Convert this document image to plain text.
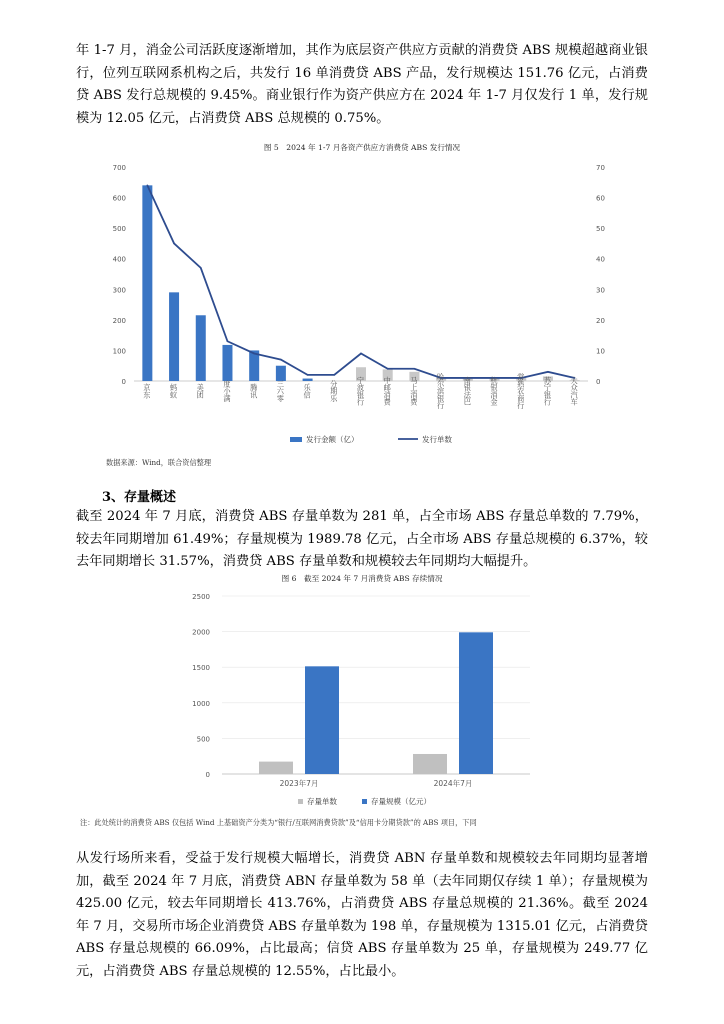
年 1-7 月，消金公司活跃度逐渐增加，其作为底层资产供应方贡献的消费贷 ABS 规模超越商业银行，位列互联网系机构之后，共发行 16 单消费贷 ABS 产品，发行规模达 151.76 亿元，占消费贷 ABS 发行总规模的 9.45%。商业银行作为资产供应方在 2024 年 1-7 月仅发行 1 单，发行规模为 12.05 亿元，占消费贷 ABS 总规模的 0.75%。

图 5　2024 年 1-7 月各资产供应方消费贷 ABS 发行情况
0
100
200
300
400
500
600
700
0
10
20
30
40
50
60
70
京东 蚂蚁 美团 度小满 腾讯 三六零 乐信 分期乐 宁波银行 中邮消费 马上消费 哈尔滨银行 南银法巴 杭银消金 常熟农商行 苏宁银行 大众汽车
发行金额（亿）	发行单数
数据来源：Wind，联合资信整理
3、存量概述

截至 2024 年 7 月底，消费贷 ABS 存量单数为 281 单，占全市场 ABS 存量总单数的 7.79%，较去年同期增加 61.49%；存量规模为 1989.78 亿元，占全市场 ABS 存量总规模的 6.37%，较去年同期增长 31.57%，消费贷 ABS 存量单数和规模较去年同期均大幅提升。

图 6　截至 2024 年 7 月消费贷 ABS 存续情况
0
500
1000
1500
2000
2500
2023年7月	2024年7月
存量单数	存量规模（亿元）
注：此处统计的消费贷 ABS 仅包括 Wind 上基础资产分类为“银行/互联网消费贷款”及“信用卡分期贷款”的 ABS 项目，下同

从发行场所来看，受益于发行规模大幅增长，消费贷 ABN 存量单数和规模较去年同期均显著增加，截至 2024 年 7 月底，消费贷 ABN 存量单数为 58 单（去年同期仅存续 1 单）；存量规模为 425.00 亿元，较去年同期增长 413.76%，占消费贷 ABS 存量总规模的 21.36%。截至 2024 年 7 月，交易所市场企业消费贷 ABS 存量单数为 198 单，存量规模为 1315.01 亿元，占消费贷 ABS 存量总规模的 66.09%，占比最高；信贷 ABS 存量单数为 25 单，存量规模为 249.77 亿元，占消费贷 ABS 存量总规模的 12.55%，占比最小。
